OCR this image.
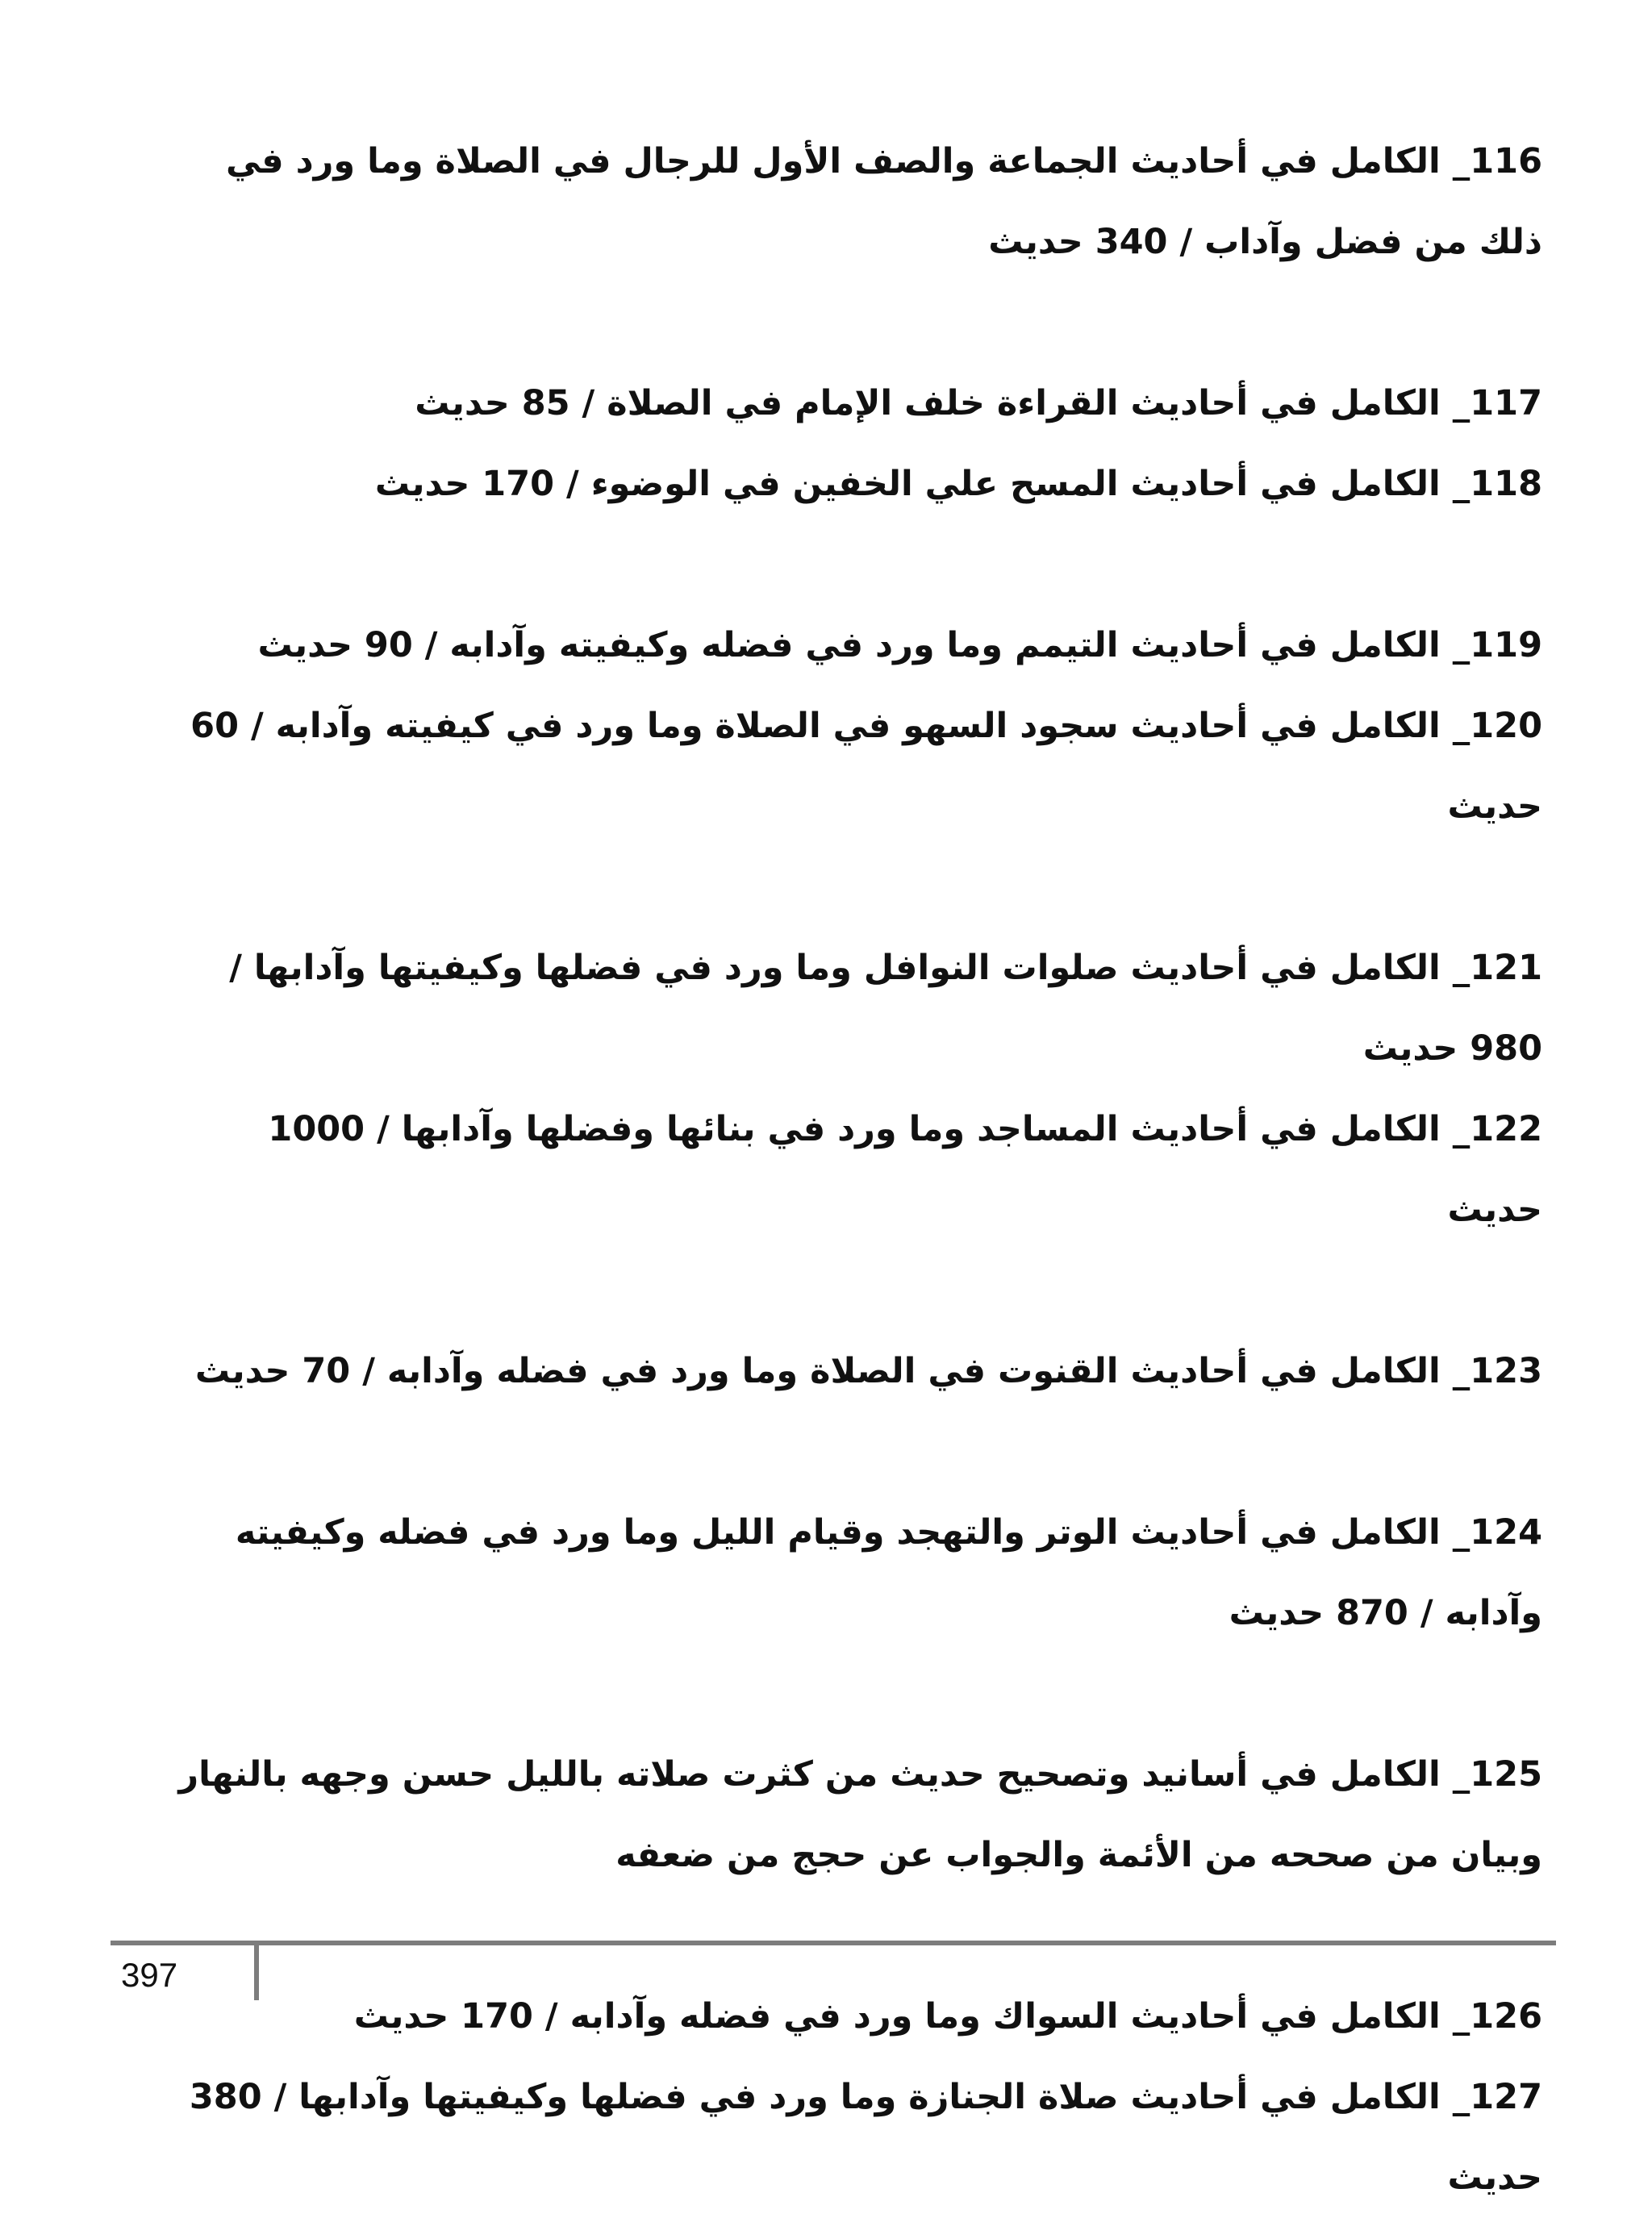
116_ الكامل في أحاديث الجماعة والصف الأول للرجال في الصلاة وما ورد في ذلك من فضل وآداب / 340 حديث

117_ الكامل في أحاديث القراءة خلف الإمام في الصلاة / 85 حديث

118_ الكامل في أحاديث المسح علي الخفين في الوضوء / 170 حديث

119_ الكامل في أحاديث التيمم وما ورد في فضله وكيفيته وآدابه / 90 حديث

120_ الكامل في أحاديث سجود السهو في الصلاة وما ورد في كيفيته وآدابه / 60 حديث

121_ الكامل في أحاديث صلوات النوافل وما ورد في فضلها وكيفيتها وآدابها / 980 حديث

122_ الكامل في أحاديث المساجد وما ورد في بنائها وفضلها وآدابها / 1000 حديث

123_ الكامل في أحاديث القنوت في الصلاة وما ورد في فضله وآدابه / 70 حديث

124_ الكامل في أحاديث الوتر والتهجد وقيام الليل وما ورد في فضله وكيفيته وآدابه / 870 حديث

125_ الكامل في أسانيد وتصحيح حديث من كثرت صلاته بالليل حسن وجهه بالنهار وبيان من صححه من الأئمة والجواب عن حجج من ضعفه

126_ الكامل في أحاديث السواك وما ورد في فضله وآدابه / 170 حديث

127_ الكامل في أحاديث صلاة الجنازة وما ورد في فضلها وكيفيتها وآدابها / 380 حديث

397
